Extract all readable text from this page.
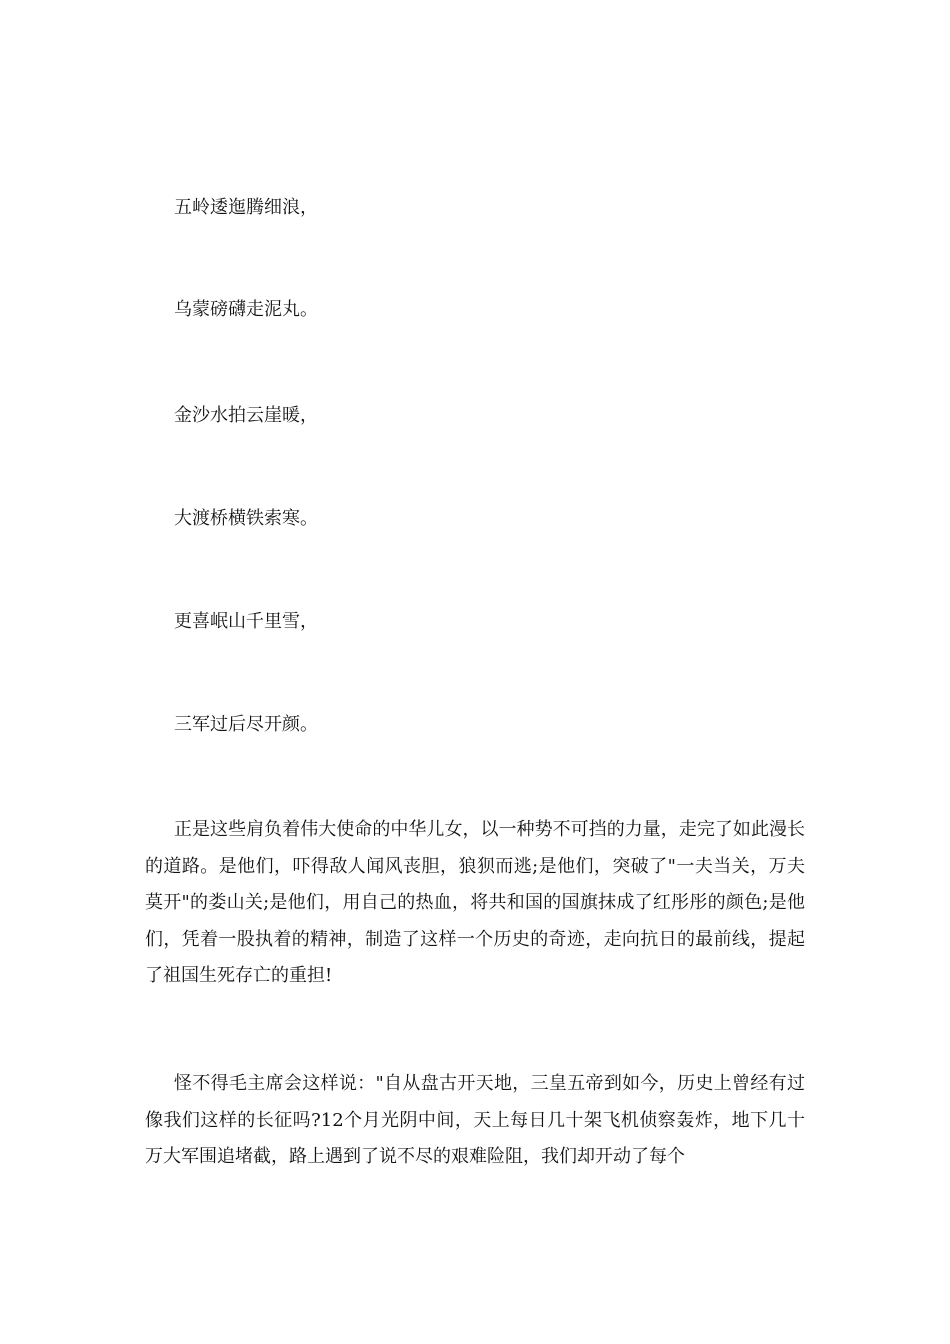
五岭逶迤腾细浪，
乌蒙磅礴走泥丸。
金沙水拍云崖暖，
大渡桥横铁索寒。
更喜岷山千里雪，
三军过后尽开颜。

正是这些肩负着伟大使命的中华儿女，以一种势不可挡的力量，走完了如此漫长的道路。是他们，吓得敌人闻风丧胆，狼狈而逃;是他们，突破了"一夫当关，万夫莫开"的娄山关;是他们，用自己的热血，将共和国的国旗抹成了红彤彤的颜色;是他们，凭着一股执着的精神，制造了这样一个历史的奇迹，走向抗日的最前线，提起了祖国生死存亡的重担!

怪不得毛主席会这样说："自从盘古开天地，三皇五帝到如今，历史上曾经有过像我们这样的长征吗?12个月光阴中间，天上每日几十架飞机侦察轰炸，地下几十万大军围追堵截，路上遇到了说不尽的艰难险阻，我们却开动了每个
